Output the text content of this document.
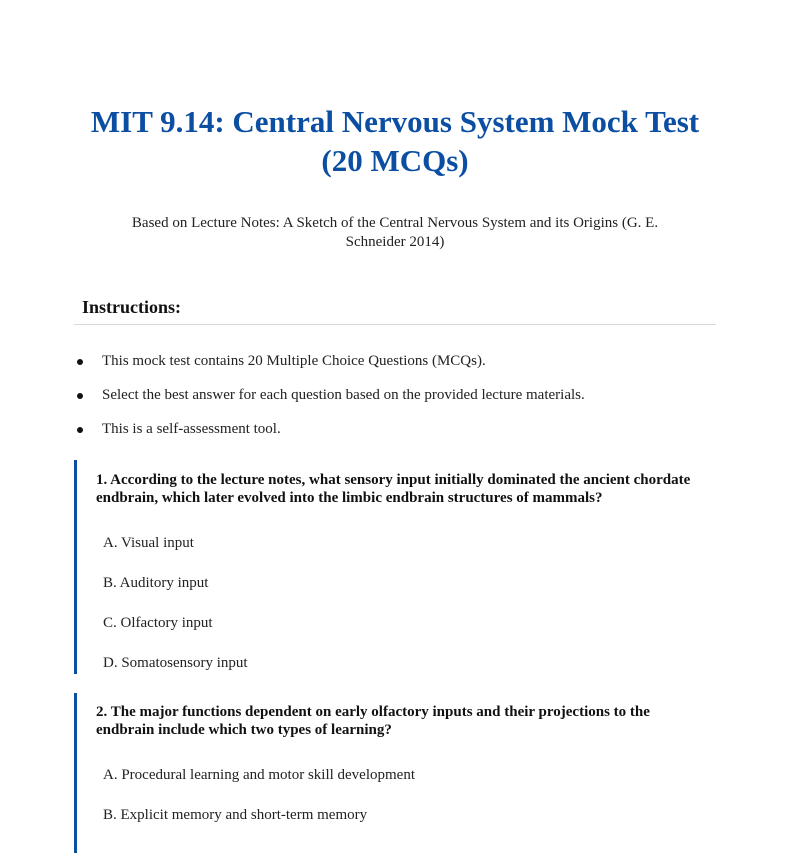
MIT 9.14: Central Nervous System Mock Test (20 MCQs)

Based on Lecture Notes: A Sketch of the Central Nervous System and its Origins (G. E. Schneider 2014)

Instructions:
This mock test contains 20 Multiple Choice Questions (MCQs).
Select the best answer for each question based on the provided lecture materials.
This is a self-assessment tool.

1. According to the lecture notes, what sensory input initially dominated the ancient chordate endbrain, which later evolved into the limbic endbrain structures of mammals?

A. Visual input
B. Auditory input
C. Olfactory input
D. Somatosensory input

2. The major functions dependent on early olfactory inputs and their projections to the endbrain include which two types of learning?

A. Procedural learning and motor skill development
B. Explicit memory and short-term memory
